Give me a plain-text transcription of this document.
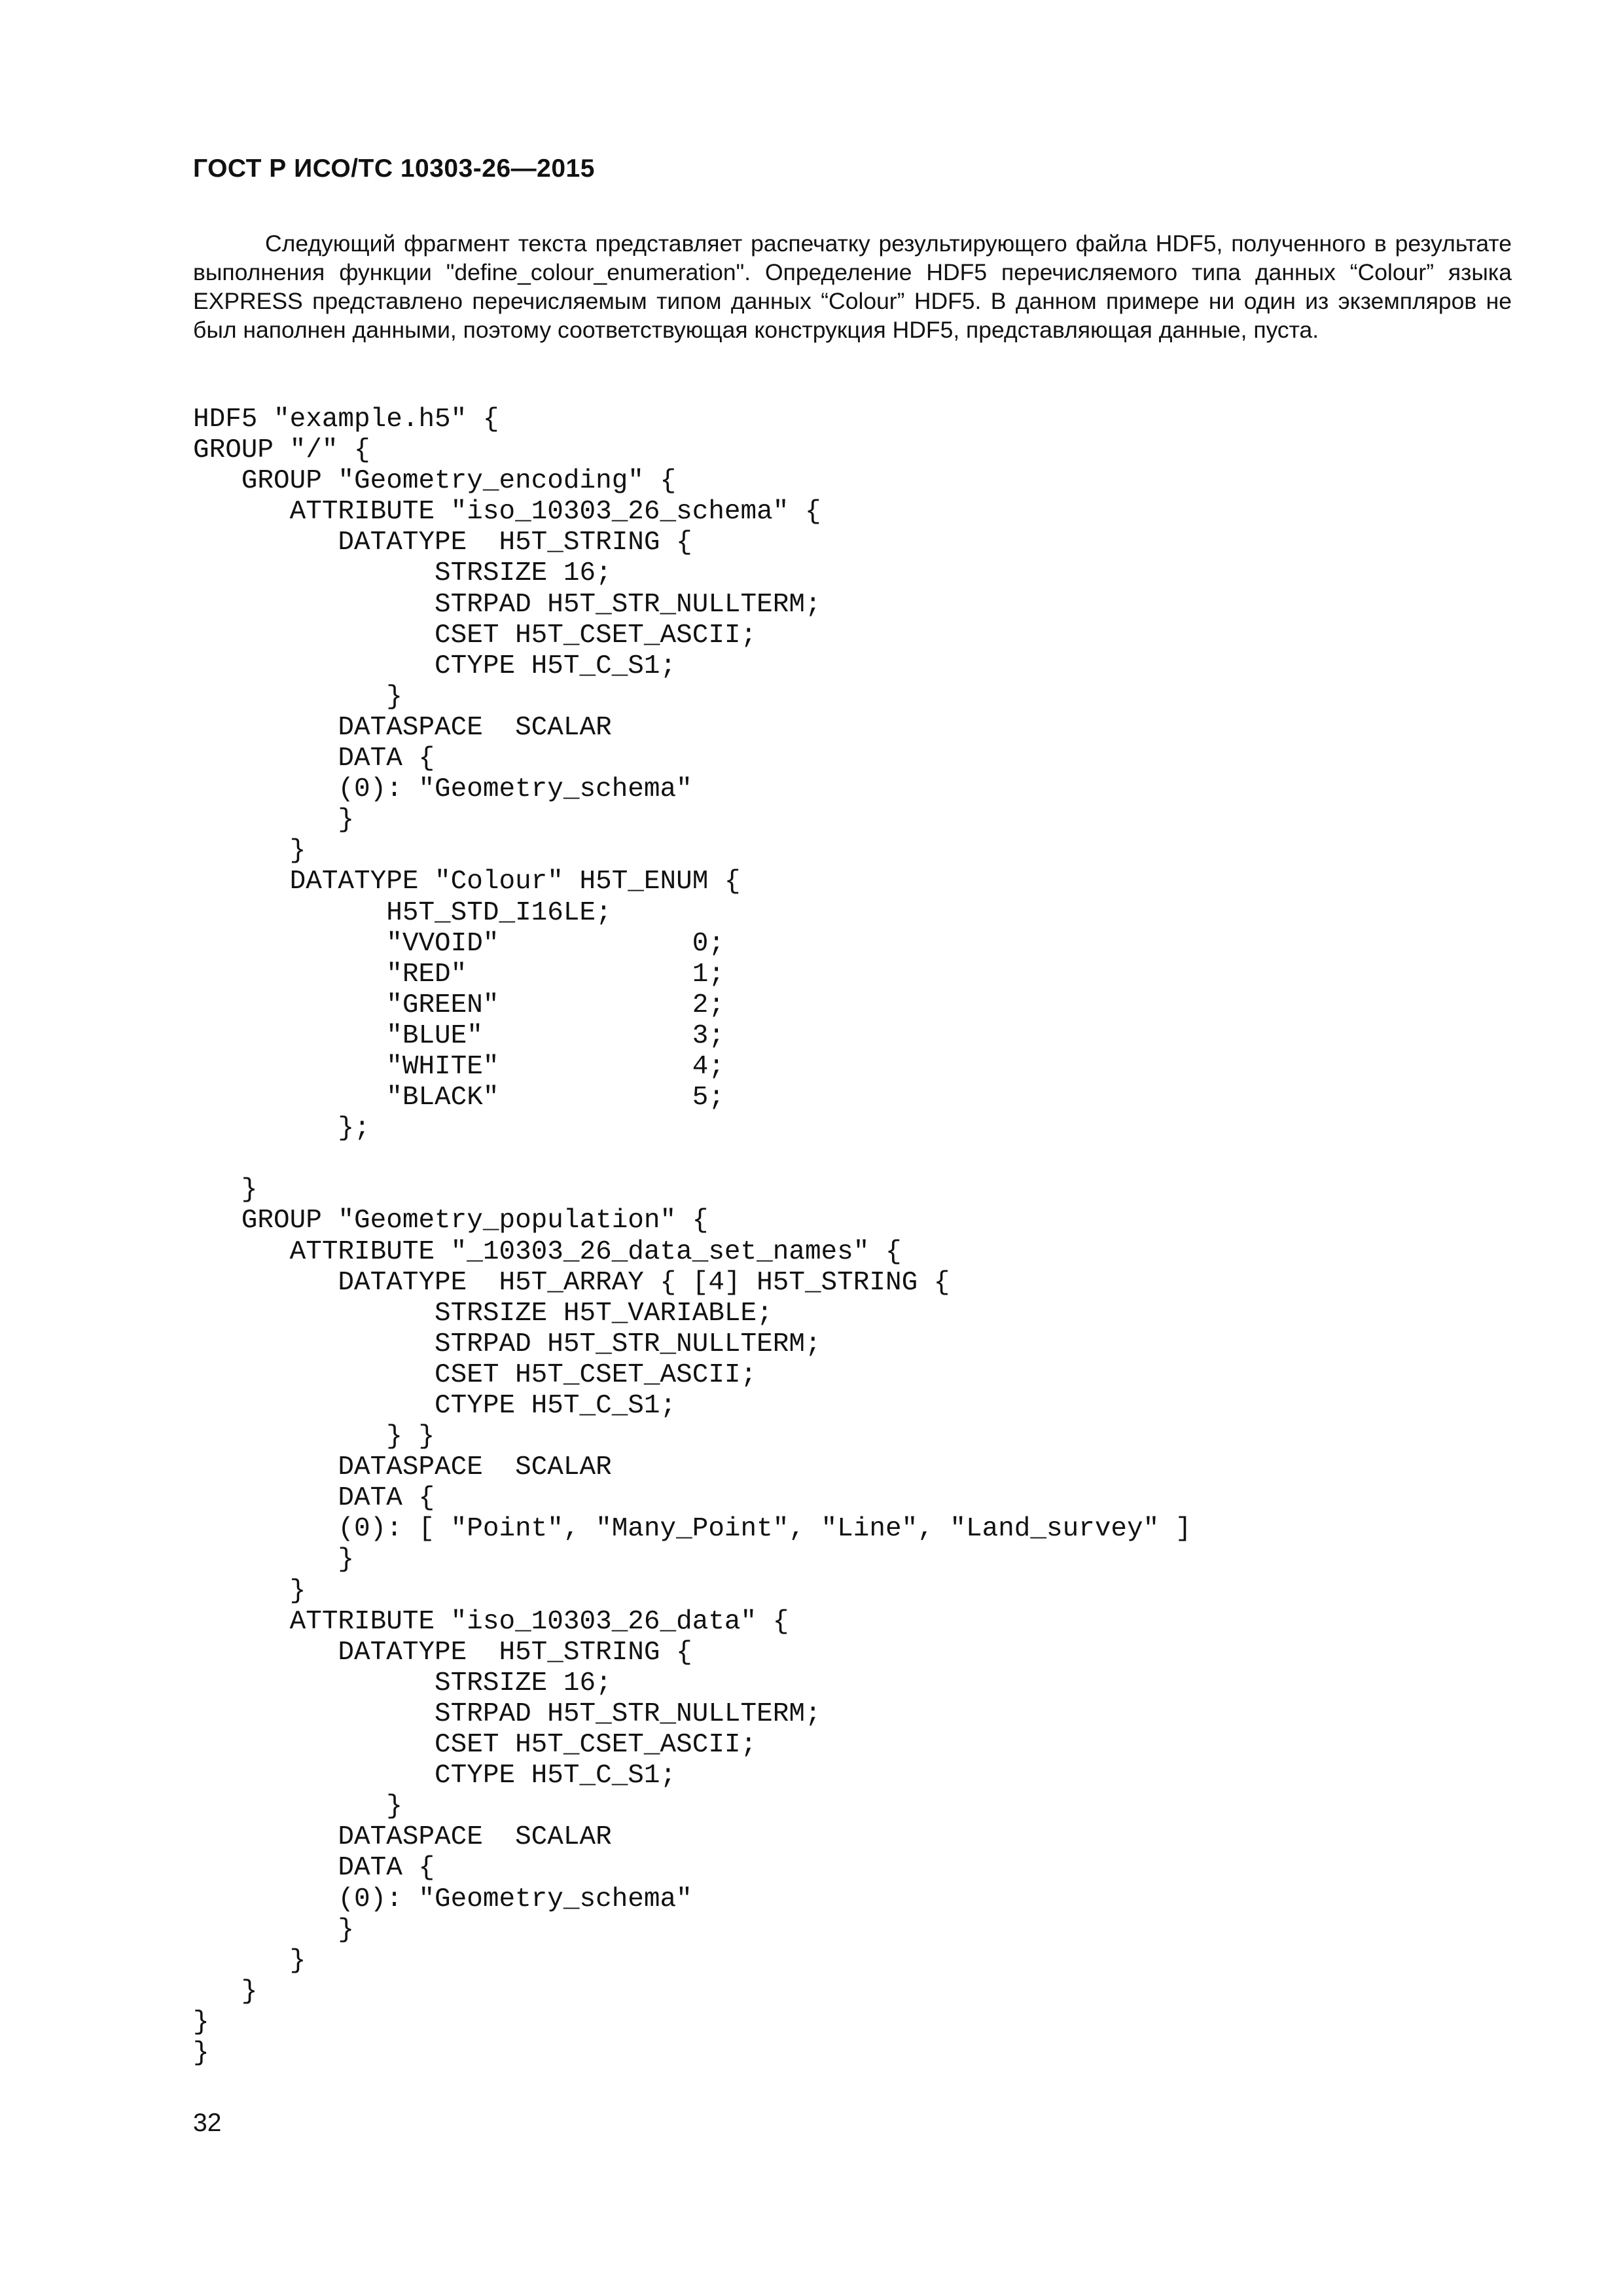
ГОСТ Р ИСО/ТС 10303-26—2015

Следующий фрагмент текста представляет распечатку результирующего файла HDF5, полученного в результате выполнения функции "define_colour_enumeration". Определение HDF5 перечисляемого типа данных “Colour” языка EXPRESS представлено перечисляемым типом данных “Colour” HDF5. В данном примере ни один из экземпляров не был наполнен данными, поэтому соответствующая конструкция HDF5, представляющая данные, пуста.

HDF5 "example.h5" {
GROUP "/" {
GROUP "Geometry_encoding" {
ATTRIBUTE "iso_10303_26_schema" {
DATATYPE  H5T_STRING {
STRSIZE 16;
STRPAD H5T_STR_NULLTERM;
CSET H5T_CSET_ASCII;
CTYPE H5T_C_S1;
}
DATASPACE  SCALAR
DATA {
(0): "Geometry_schema"
}
}
DATATYPE "Colour" H5T_ENUM {
H5T_STD_I16LE;
"VVOID"            0;
"RED"              1;
"GREEN"            2;
"BLUE"             3;
"WHITE"            4;
"BLACK"            5;
};
}
GROUP "Geometry_population" {
ATTRIBUTE "_10303_26_data_set_names" {
DATATYPE  H5T_ARRAY { [4] H5T_STRING {
STRSIZE H5T_VARIABLE;
STRPAD H5T_STR_NULLTERM;
CSET H5T_CSET_ASCII;
CTYPE H5T_C_S1;
} }
DATASPACE  SCALAR
DATA {
(0): [ "Point", "Many_Point", "Line", "Land_survey" ]
}
}
ATTRIBUTE "iso_10303_26_data" {
DATATYPE  H5T_STRING {
STRSIZE 16;
STRPAD H5T_STR_NULLTERM;
CSET H5T_CSET_ASCII;
CTYPE H5T_C_S1;
}
DATASPACE  SCALAR
DATA {
(0): "Geometry_schema"
}
}
}
}
}
32
